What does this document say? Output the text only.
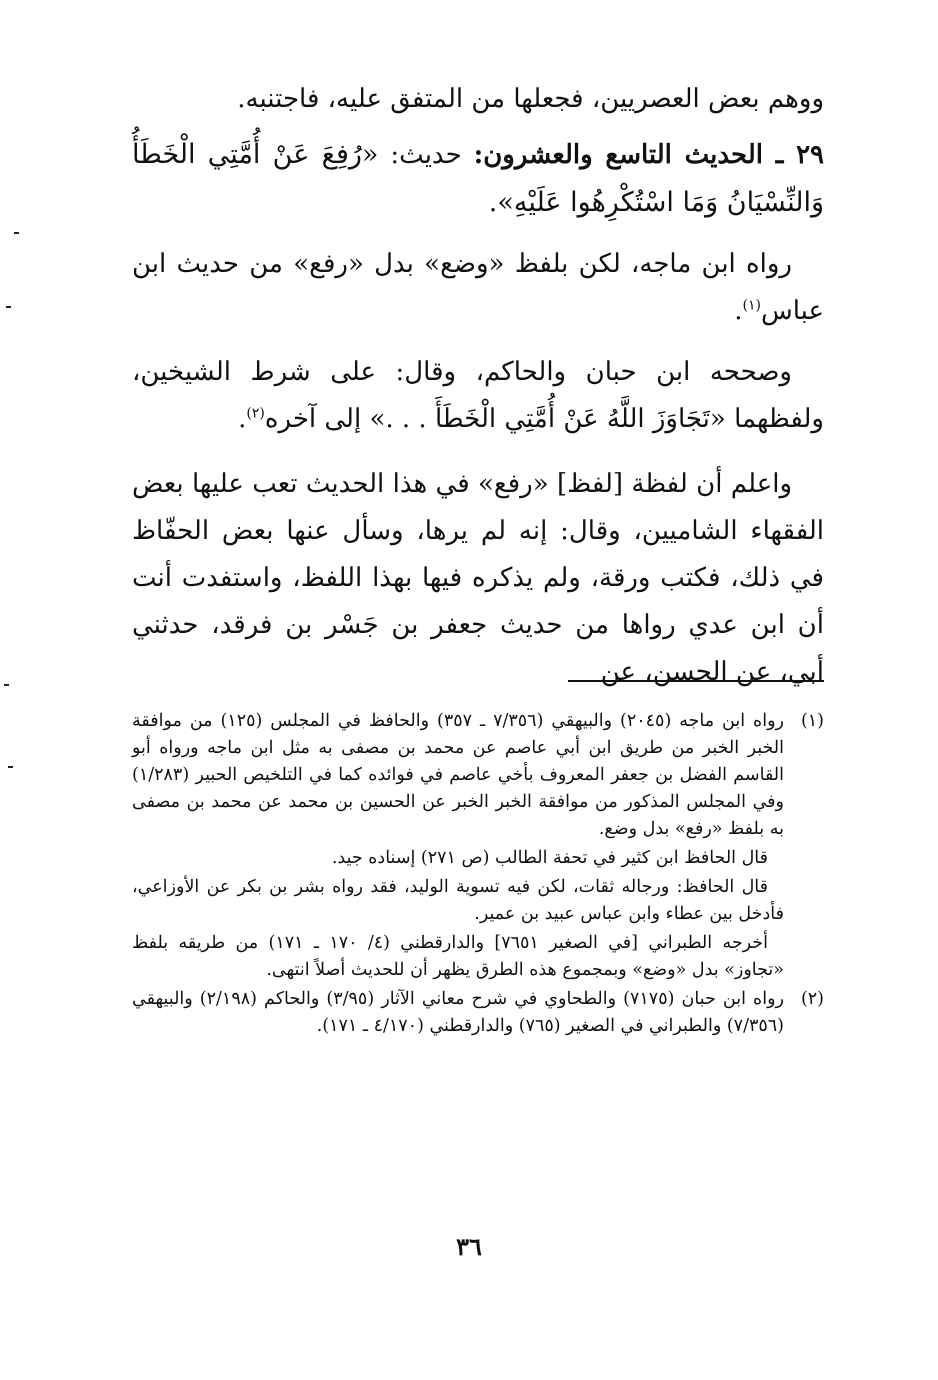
ووهم بعض العصريين، فجعلها من المتفق عليه، فاجتنبه.

٢٩ ـ الحديث التاسع والعشرون: حديث: «رُفِعَ عَنْ أُمَّتِي الْخَطَأُ وَالنِّسْيَانُ وَمَا اسْتُكْرِهُوا عَلَيْهِ».

رواه ابن ماجه، لكن بلفظ «وضع» بدل «رفع» من حديث ابن عباس$^{(١)}$.

وصححه ابن حبان والحاكم، وقال: على شرط الشيخين، ولفظهما «تَجَاوَزَ اللَّهُ عَنْ أُمَّتِي الْخَطَأَ . . .» إلى آخره$^{(٢)}$.

واعلم أن لفظة [لفظ] «رفع» في هذا الحديث تعب عليها بعض الفقهاء الشاميين، وقال: إنه لم يرها، وسأل عنها بعض الحفّاظ في ذلك، فكتب ورقة، ولم يذكره فيها بهذا اللفظ، واستفدت أنت أن ابن عدي رواها من حديث جعفر بن جَسْر بن فرقد، حدثني أبي، عن الحسن، عن

(١)
رواه ابن ماجه (٢٠٤٥) والبيهقي (٧/٣٥٦ ـ ٣٥٧) والحافظ في المجلس (١٢٥) من موافقة الخبر الخبر من طريق ابن أبي عاصم عن محمد بن مصفى به مثل ابن ماجه ورواه أبو القاسم الفضل بن جعفر المعروف بأخي عاصم في فوائده كما في التلخيص الحبير (١/٢٨٣) وفي المجلس المذكور من موافقة الخبر الخبر عن الحسين بن محمد عن محمد بن مصفى به بلفظ «رفع» بدل وضع.

قال الحافظ ابن كثير في تحفة الطالب (ص ٢٧١) إسناده جيد.

قال الحافظ: ورجاله ثقات، لكن فيه تسوية الوليد، فقد رواه بشر بن بكر عن الأوزاعي، فأدخل بين عطاء وابن عباس عبيد بن عمير.

أخرجه الطبراني [في الصغير ٧٦٥١] والدارقطني (٤/ ١٧٠ ـ ١٧١) من طريقه بلفظ «تجاوز» بدل «وضع» وبمجموع هذه الطرق يظهر أن للحديث أصلاً انتهى.

(٢)
رواه ابن حبان (٧١٧٥) والطحاوي في شرح معاني الآثار (٣/٩٥) والحاكم (٢/١٩٨) والبيهقي (٧/٣٥٦) والطبراني في الصغير (٧٦٥) والدارقطني (٤/١٧٠ ـ ١٧١).
٣٦
